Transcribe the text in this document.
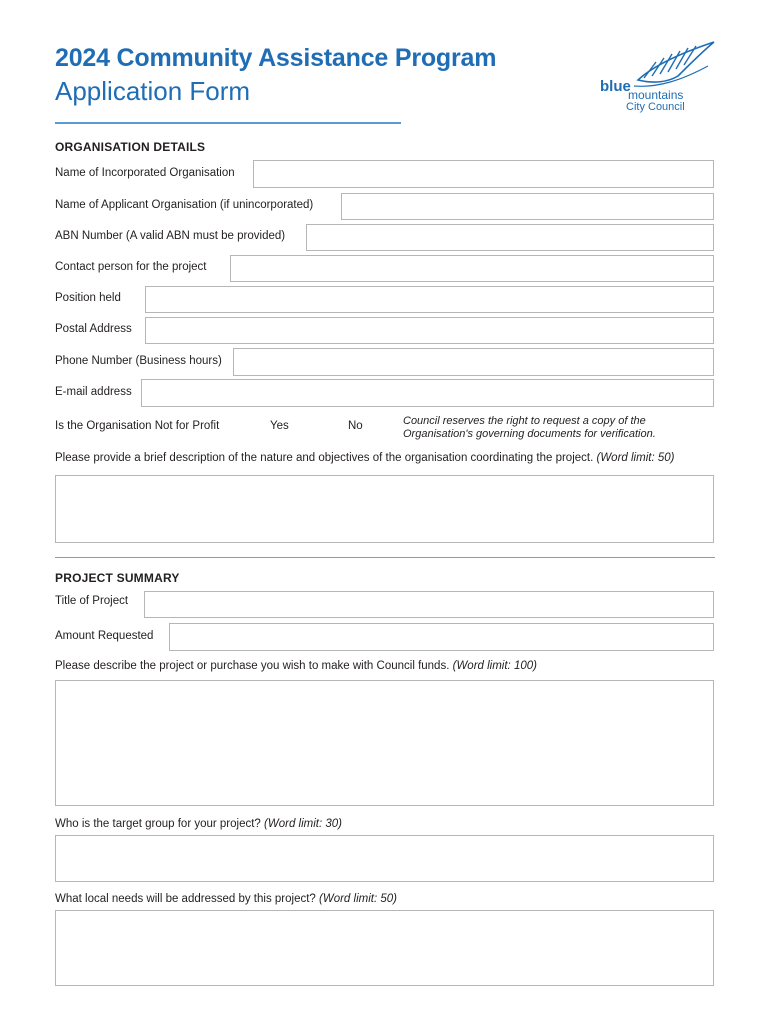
2024 Community Assistance Program
Application Form	blue
mountains
City Council
ORGANISATION DETAILS
Name of Incorporated Organisation
Name of Applicant Organisation (if unincorporated)
ABN Number (A valid ABN must be provided)
Contact person for the project
Position held
Postal Address
Phone Number (Business hours)
E-mail address
Is the Organisation Not for Profit	Yes	No	Council reserves the right to request a copy of the
Organisation's governing documents for verification.
Please provide a brief description of the nature and objectives of the organisation coordinating the project. (Word limit: 50)
PROJECT SUMMARY
Title of Project
Amount Requested
Please describe the project or purchase you wish to make with Council funds. (Word limit: 100)
Who is the target group for your project? (Word limit: 30)
What local needs will be addressed by this project? (Word limit: 50)
